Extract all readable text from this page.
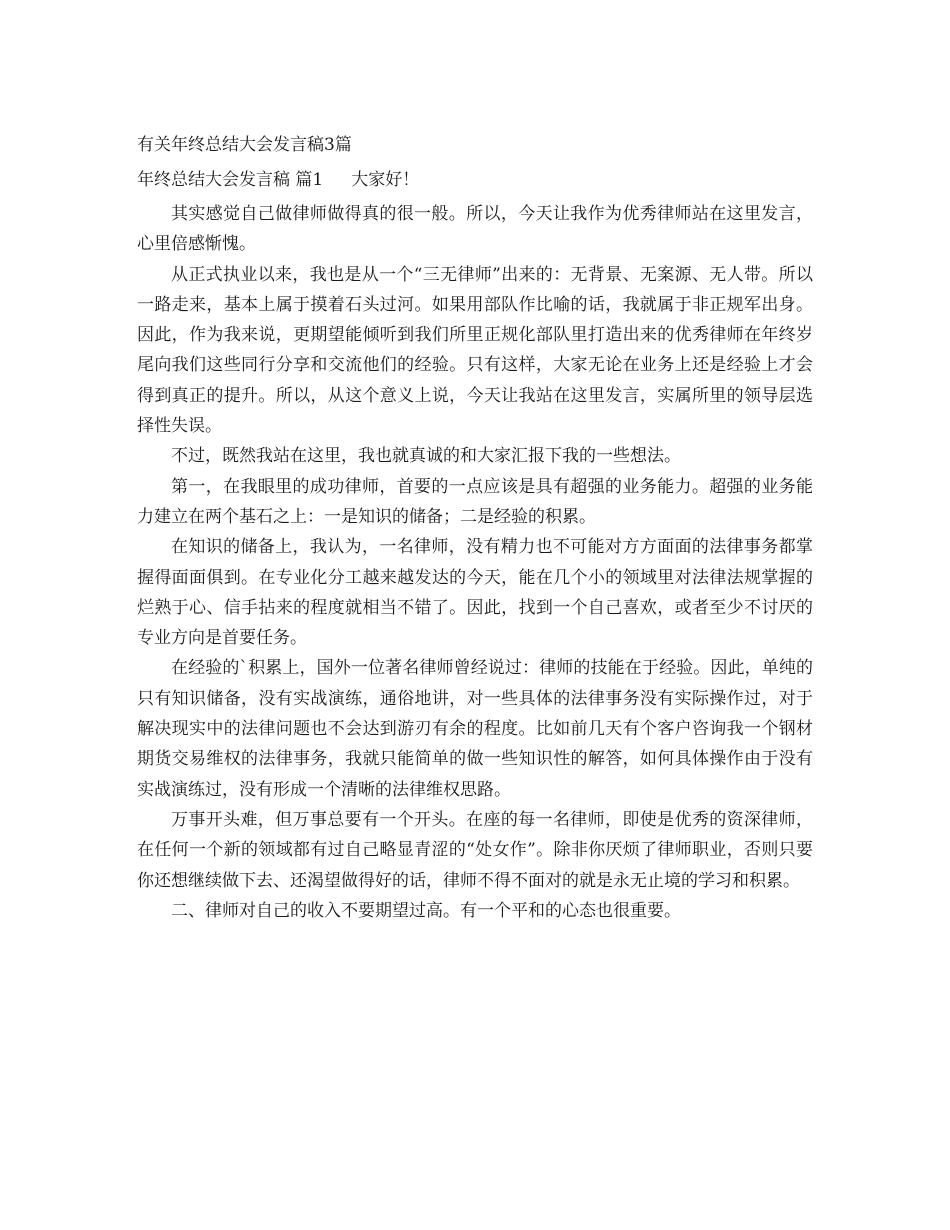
有关年终总结大会发言稿3篇
年终总结大会发言稿 篇1 大家好！

其实感觉自己做律师做得真的很一般。所以，今天让我作为优秀律师站在这里发言，心里倍感惭愧。

从正式执业以来，我也是从一个“三无律师”出来的：无背景、无案源、无人带。所以一路走来，基本上属于摸着石头过河。如果用部队作比喻的话，我就属于非正规军出身。因此，作为我来说，更期望能倾听到我们所里正规化部队里打造出来的优秀律师在年终岁尾向我们这些同行分享和交流他们的经验。只有这样，大家无论在业务上还是经验上才会得到真正的提升。所以，从这个意义上说，今天让我站在这里发言，实属所里的领导层选择性失误。

不过，既然我站在这里，我也就真诚的和大家汇报下我的一些想法。

第一，在我眼里的成功律师，首要的一点应该是具有超强的业务能力。超强的业务能力建立在两个基石之上：一是知识的储备；二是经验的积累。

在知识的储备上，我认为，一名律师，没有精力也不可能对方方面面的法律事务都掌握得面面俱到。在专业化分工越来越发达的今天，能在几个小的领域里对法律法规掌握的烂熟于心、信手拈来的程度就相当不错了。因此，找到一个自己喜欢，或者至少不讨厌的专业方向是首要任务。

在经验的`积累上，国外一位著名律师曾经说过：律师的技能在于经验。因此，单纯的只有知识储备，没有实战演练，通俗地讲，对一些具体的法律事务没有实际操作过，对于解决现实中的法律问题也不会达到游刃有余的程度。比如前几天有个客户咨询我一个钢材期货交易维权的法律事务，我就只能简单的做一些知识性的解答，如何具体操作由于没有实战演练过，没有形成一个清晰的法律维权思路。

万事开头难，但万事总要有一个开头。在座的每一名律师，即使是优秀的资深律师，在任何一个新的领域都有过自己略显青涩的“处女作”。除非你厌烦了律师职业，否则只要你还想继续做下去、还渴望做得好的话，律师不得不面对的就是永无止境的学习和积累。

二、律师对自己的收入不要期望过高。有一个平和的心态也很重要。
